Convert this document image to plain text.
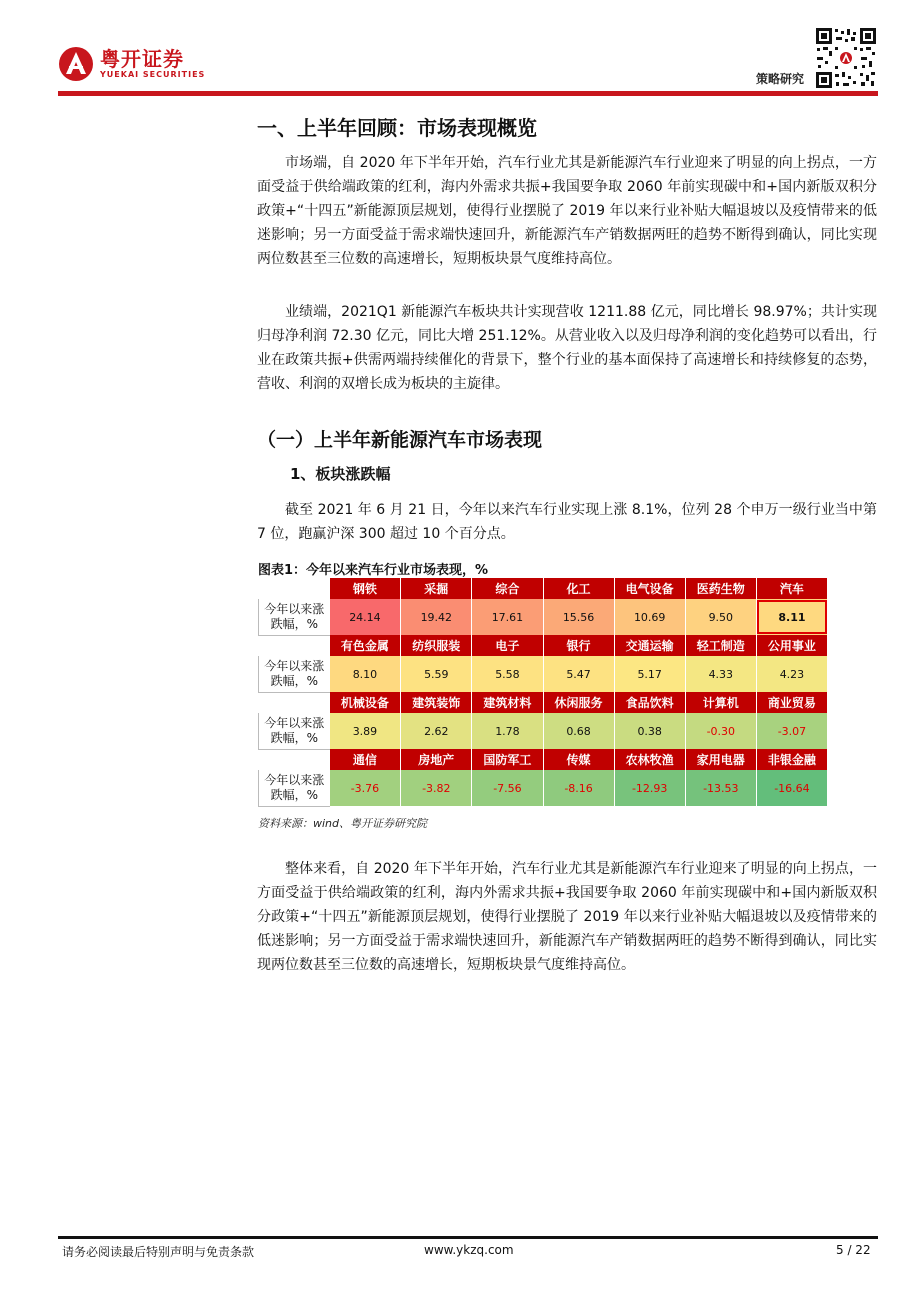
粤开证券
YUEKAI SECURITIES	策略研究
一、上半年回顾：市场表现概览

市场端，自 2020 年下半年开始，汽车行业尤其是新能源汽车行业迎来了明显的向上拐点，一方面受益于供给端政策的红利，海内外需求共振+我国要争取 2060 年前实现碳中和+国内新版双积分政策+“十四五”新能源顶层规划，使得行业摆脱了 2019 年以来行业补贴大幅退坡以及疫情带来的低迷影响；另一方面受益于需求端快速回升，新能源汽车产销数据两旺的趋势不断得到确认，同比实现两位数甚至三位数的高速增长，短期板块景气度维持高位。

业绩端，2021Q1 新能源汽车板块共计实现营收 1211.88 亿元，同比增长 98.97%；共计实现归母净利润 72.30 亿元，同比大增 251.12%。从营业收入以及归母净利润的变化趋势可以看出，行业在政策共振+供需两端持续催化的背景下，整个行业的基本面保持了高速增长和持续修复的态势，营收、利润的双增长成为板块的主旋律。

（一）上半年新能源汽车市场表现
1、板块涨跌幅

截至 2021 年 6 月 21 日，今年以来汽车行业实现上涨 8.1%，位列 28 个申万一级行业当中第 7 位，跑赢沪深 300 超过 10 个百分点。

图表1：今年以来汽车行业市场表现，%
	钢铁	采掘	综合	化工	电气设备	医药生物	汽车
今年以来涨跌幅，%	24.14	19.42	17.61	15.56	10.69	9.50	8.11
	有色金属	纺织服装	电子	银行	交通运输	轻工制造	公用事业
今年以来涨跌幅，%	8.10	5.59	5.58	5.47	5.17	4.33	4.23
	机械设备	建筑装饰	建筑材料	休闲服务	食品饮料	计算机	商业贸易
今年以来涨跌幅，%	3.89	2.62	1.78	0.68	0.38	-0.30	-3.07
	通信	房地产	国防军工	传媒	农林牧渔	家用电器	非银金融
今年以来涨跌幅，%	-3.76	-3.82	-7.56	-8.16	-12.93	-13.53	-16.64
资料来源：wind、粤开证券研究院

整体来看，自 2020 年下半年开始，汽车行业尤其是新能源汽车行业迎来了明显的向上拐点，一方面受益于供给端政策的红利，海内外需求共振+我国要争取 2060 年前实现碳中和+国内新版双积分政策+“十四五”新能源顶层规划，使得行业摆脱了 2019 年以来行业补贴大幅退坡以及疫情带来的低迷影响；另一方面受益于需求端快速回升，新能源汽车产销数据两旺的趋势不断得到确认，同比实现两位数甚至三位数的高速增长，短期板块景气度维持高位。

请务必阅读最后特别声明与免责条款	www.ykzq.com	5 / 22
